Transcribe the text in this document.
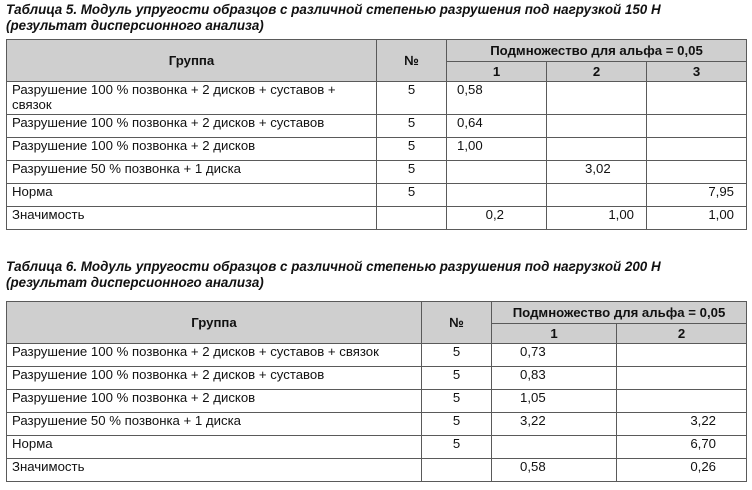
Таблица 5. Модуль упругости образцов с различной степенью разрушения под нагрузкой 150 Н
(результат дисперсионного анализа)
Группа	№	Подмножество для альфа = 0,05		
		1	2	3
Разрушение 100 % позвонка + 2 дисков + суставов + связок	5	0,58		
Разрушение 100 % позвонка + 2 дисков + суставов	5	0,64		
Разрушение 100 % позвонка + 2 дисков	5	1,00		
Разрушение 50 % позвонка + 1 диска	5		3,02	
Норма	5			7,95
Значимость		0,2	1,00	1,00
Таблица 6. Модуль упругости образцов с различной степенью разрушения под нагрузкой 200 Н
(результат дисперсионного анализа)
Группа	№	Подмножество для альфа = 0,05	
		1	2
Разрушение 100 % позвонка + 2 дисков + суставов + связок	5	0,73	
Разрушение 100 % позвонка + 2 дисков + суставов	5	0,83	
Разрушение 100 % позвонка + 2 дисков	5	1,05	
Разрушение 50 % позвонка + 1 диска	5	3,22	3,22
Норма	5		6,70
Значимость		0,58	0,26
